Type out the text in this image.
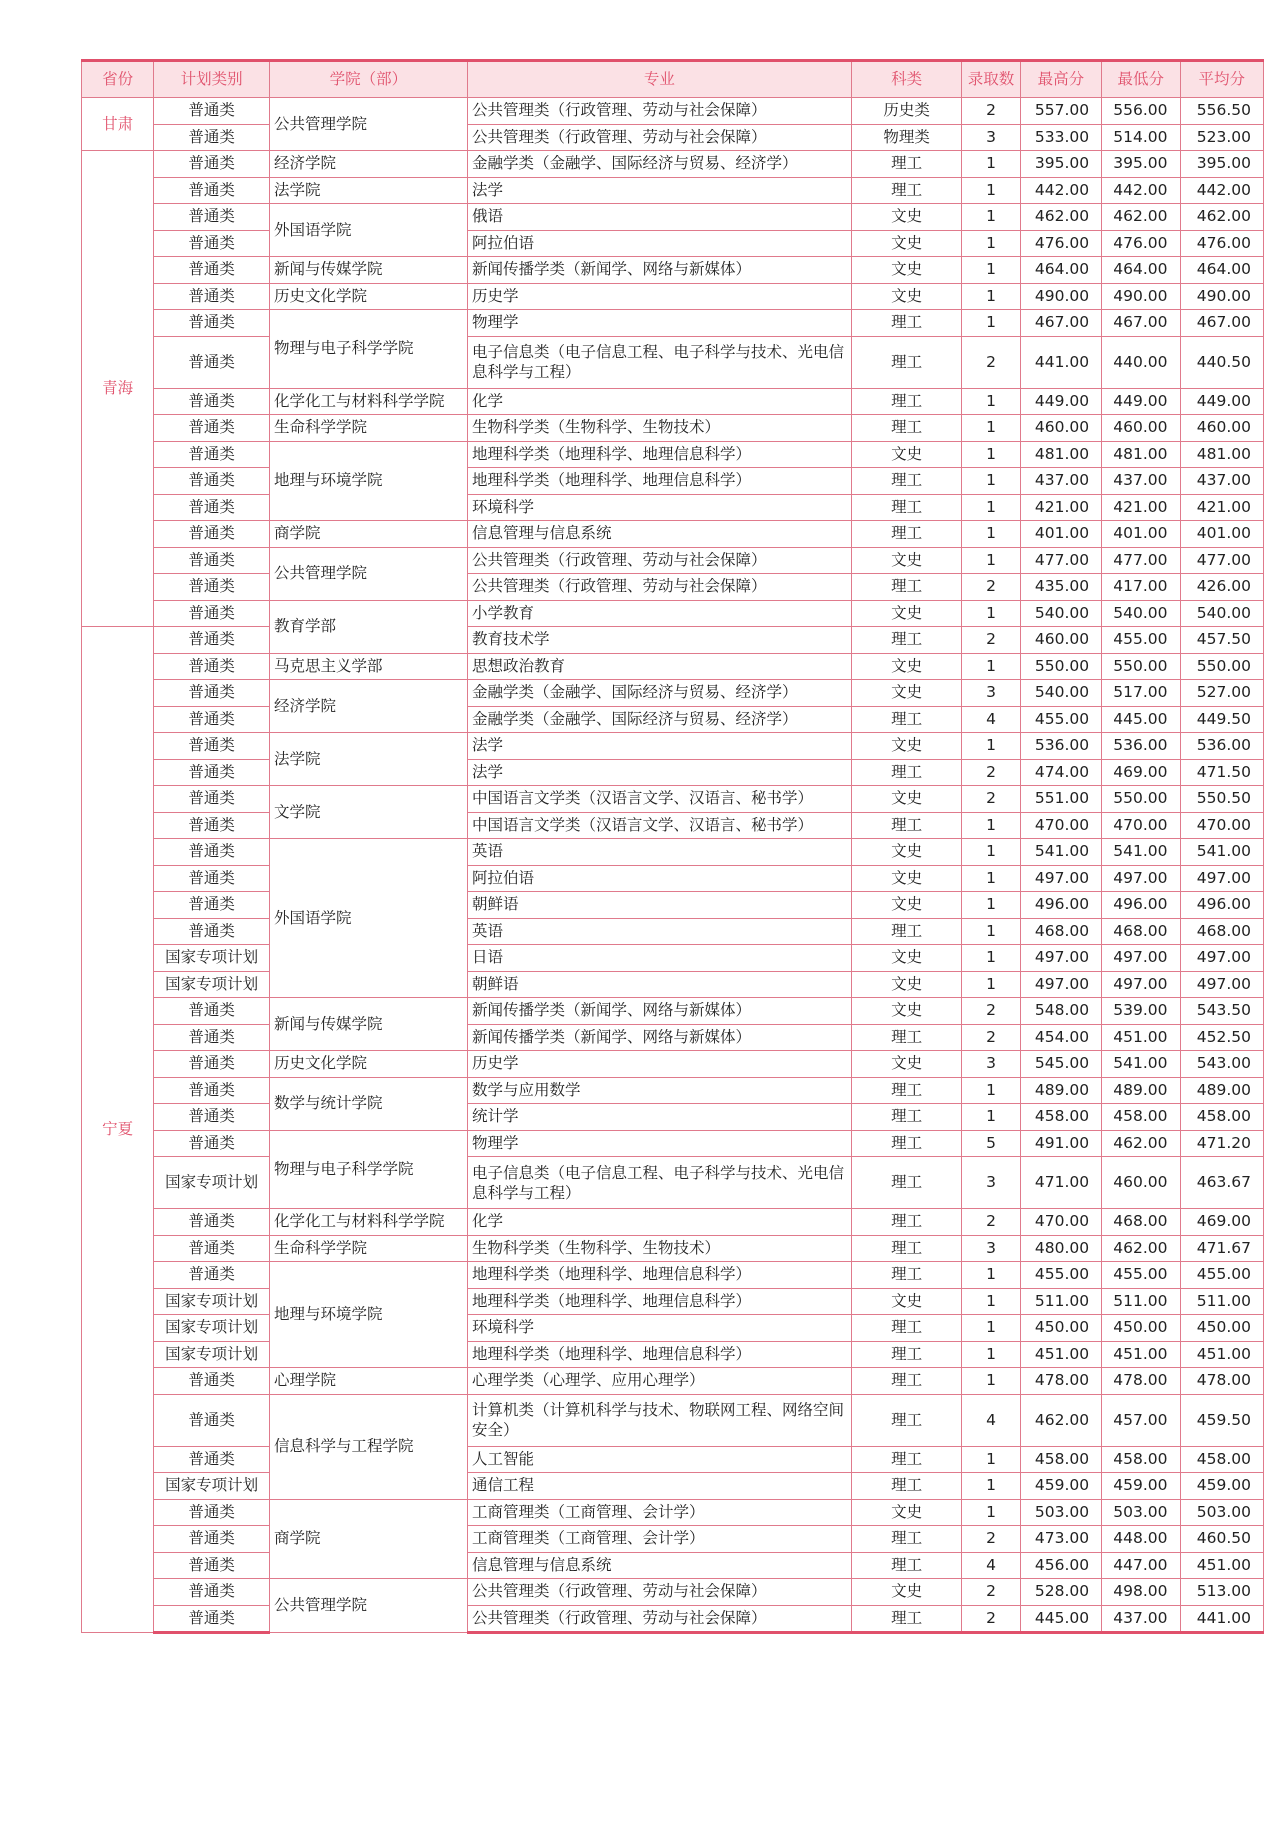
省份	计划类别	学院（部）	专业	科类	录取数	最高分	最低分	平均分
甘肃	普通类	公共管理学院	公共管理类（行政管理、劳动与社会保障）	历史类	2	557.00	556.00	556.50
	普通类		公共管理类（行政管理、劳动与社会保障）	物理类	3	533.00	514.00	523.00
青海	普通类	经济学院	金融学类（金融学、国际经济与贸易、经济学）	理工	1	395.00	395.00	395.00
	普通类	法学院	法学	理工	1	442.00	442.00	442.00
	普通类	外国语学院	俄语	文史	1	462.00	462.00	462.00
	普通类		阿拉伯语	文史	1	476.00	476.00	476.00
	普通类	新闻与传媒学院	新闻传播学类（新闻学、网络与新媒体）	文史	1	464.00	464.00	464.00
	普通类	历史文化学院	历史学	文史	1	490.00	490.00	490.00
	普通类	物理与电子科学学院	物理学	理工	1	467.00	467.00	467.00
	普通类		电子信息类（电子信息工程、电子科学与技术、光电信息科学与工程）	理工	2	441.00	440.00	440.50
	普通类	化学化工与材料科学学院	化学	理工	1	449.00	449.00	449.00
	普通类	生命科学学院	生物科学类（生物科学、生物技术）	理工	1	460.00	460.00	460.00
	普通类	地理与环境学院	地理科学类（地理科学、地理信息科学）	文史	1	481.00	481.00	481.00
	普通类		地理科学类（地理科学、地理信息科学）	理工	1	437.00	437.00	437.00
	普通类		环境科学	理工	1	421.00	421.00	421.00
	普通类	商学院	信息管理与信息系统	理工	1	401.00	401.00	401.00
	普通类	公共管理学院	公共管理类（行政管理、劳动与社会保障）	文史	1	477.00	477.00	477.00
	普通类		公共管理类（行政管理、劳动与社会保障）	理工	2	435.00	417.00	426.00
	普通类	教育学部	小学教育	文史	1	540.00	540.00	540.00
宁夏	普通类		教育技术学	理工	2	460.00	455.00	457.50
	普通类	马克思主义学部	思想政治教育	文史	1	550.00	550.00	550.00
	普通类	经济学院	金融学类（金融学、国际经济与贸易、经济学）	文史	3	540.00	517.00	527.00
	普通类		金融学类（金融学、国际经济与贸易、经济学）	理工	4	455.00	445.00	449.50
	普通类	法学院	法学	文史	1	536.00	536.00	536.00
	普通类		法学	理工	2	474.00	469.00	471.50
	普通类	文学院	中国语言文学类（汉语言文学、汉语言、秘书学）	文史	2	551.00	550.00	550.50
	普通类		中国语言文学类（汉语言文学、汉语言、秘书学）	理工	1	470.00	470.00	470.00
	普通类	外国语学院	英语	文史	1	541.00	541.00	541.00
	普通类		阿拉伯语	文史	1	497.00	497.00	497.00
	普通类		朝鲜语	文史	1	496.00	496.00	496.00
	普通类		英语	理工	1	468.00	468.00	468.00
	国家专项计划		日语	文史	1	497.00	497.00	497.00
	国家专项计划		朝鲜语	文史	1	497.00	497.00	497.00
	普通类	新闻与传媒学院	新闻传播学类（新闻学、网络与新媒体）	文史	2	548.00	539.00	543.50
	普通类		新闻传播学类（新闻学、网络与新媒体）	理工	2	454.00	451.00	452.50
	普通类	历史文化学院	历史学	文史	3	545.00	541.00	543.00
	普通类	数学与统计学院	数学与应用数学	理工	1	489.00	489.00	489.00
	普通类		统计学	理工	1	458.00	458.00	458.00
	普通类	物理与电子科学学院	物理学	理工	5	491.00	462.00	471.20
	国家专项计划		电子信息类（电子信息工程、电子科学与技术、光电信息科学与工程）	理工	3	471.00	460.00	463.67
	普通类	化学化工与材料科学学院	化学	理工	2	470.00	468.00	469.00
	普通类	生命科学学院	生物科学类（生物科学、生物技术）	理工	3	480.00	462.00	471.67
	普通类	地理与环境学院	地理科学类（地理科学、地理信息科学）	理工	1	455.00	455.00	455.00
	国家专项计划		地理科学类（地理科学、地理信息科学）	文史	1	511.00	511.00	511.00
	国家专项计划		环境科学	理工	1	450.00	450.00	450.00
	国家专项计划		地理科学类（地理科学、地理信息科学）	理工	1	451.00	451.00	451.00
	普通类	心理学院	心理学类（心理学、应用心理学）	理工	1	478.00	478.00	478.00
	普通类	信息科学与工程学院	计算机类（计算机科学与技术、物联网工程、网络空间安全）	理工	4	462.00	457.00	459.50
	普通类		人工智能	理工	1	458.00	458.00	458.00
	国家专项计划		通信工程	理工	1	459.00	459.00	459.00
	普通类	商学院	工商管理类（工商管理、会计学）	文史	1	503.00	503.00	503.00
	普通类		工商管理类（工商管理、会计学）	理工	2	473.00	448.00	460.50
	普通类		信息管理与信息系统	理工	4	456.00	447.00	451.00
	普通类	公共管理学院	公共管理类（行政管理、劳动与社会保障）	文史	2	528.00	498.00	513.00
	普通类		公共管理类（行政管理、劳动与社会保障）	理工	2	445.00	437.00	441.00
